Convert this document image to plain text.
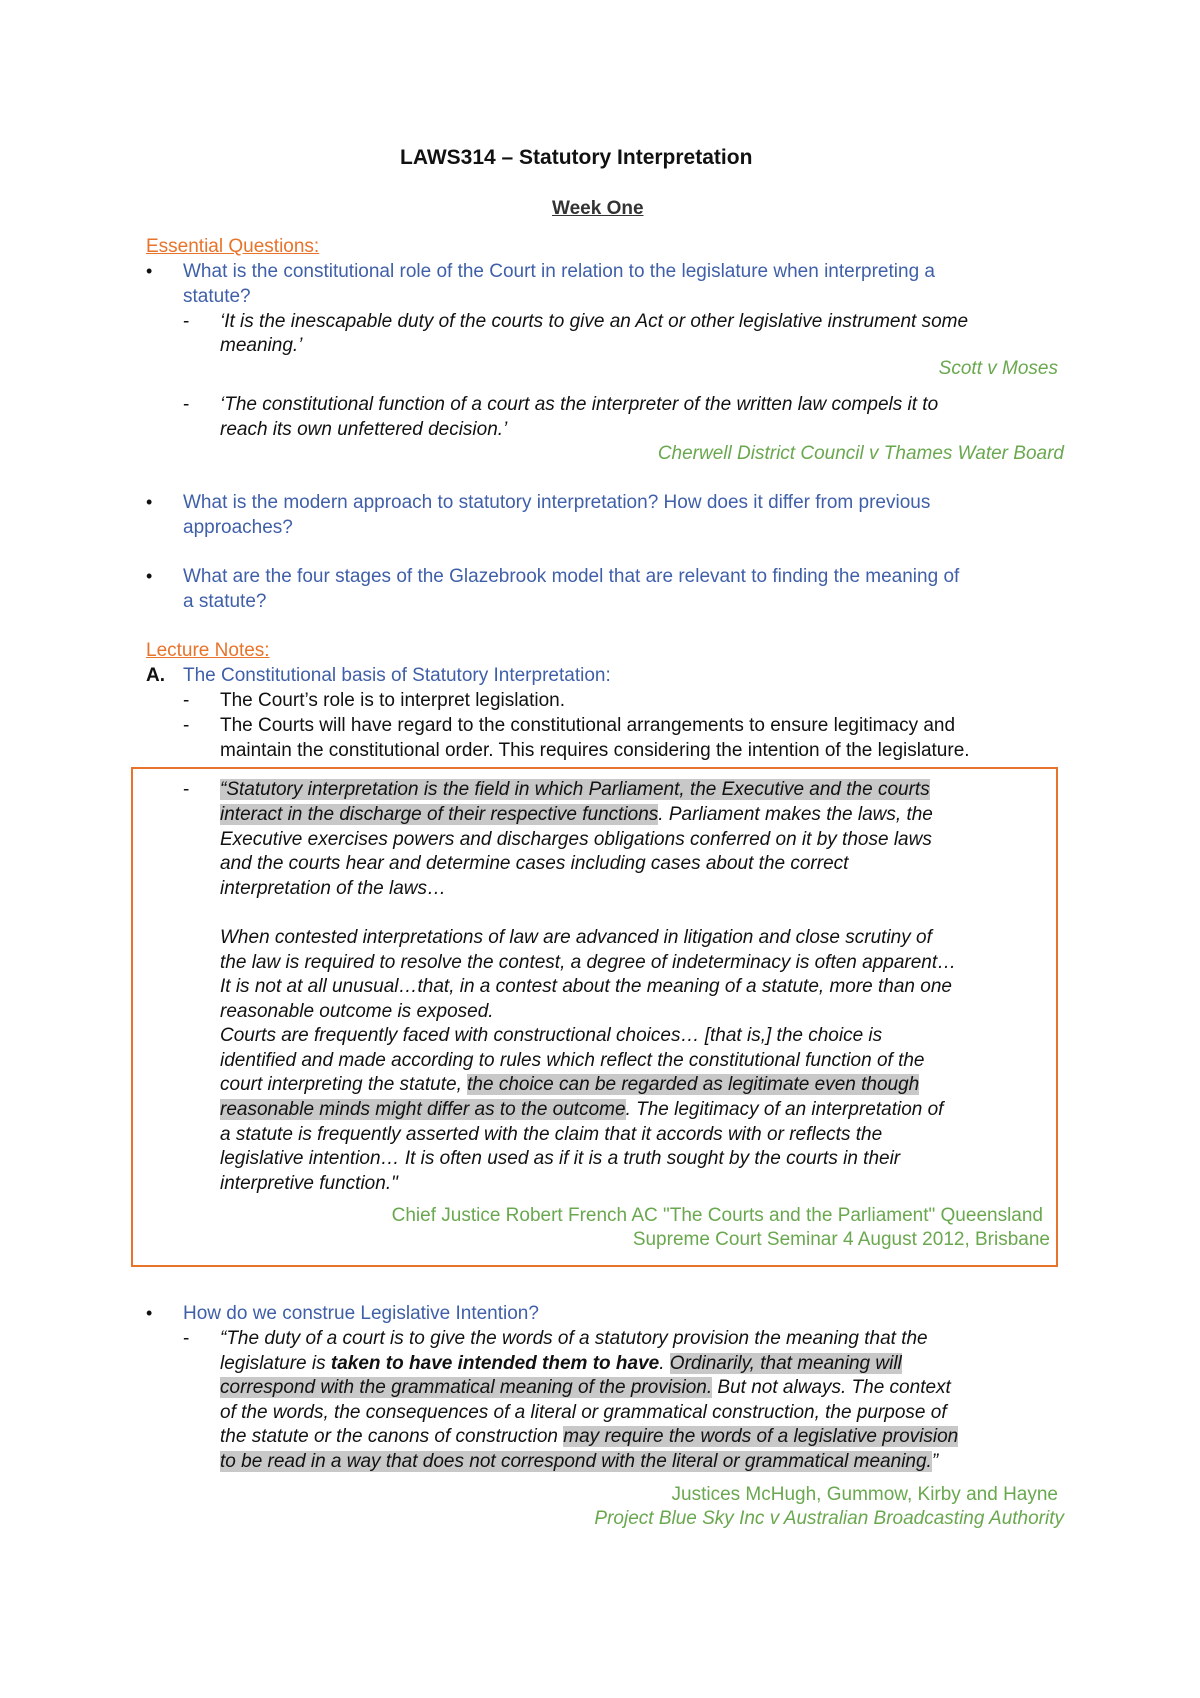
LAWS314 – Statutory Interpretation
Week One
Essential Questions:
• What is the constitutional role of the Court in relation to the legislature when interpreting a
statute?
- ‘It is the inescapable duty of the courts to give an Act or other legislative instrument some
meaning.’
Scott v Moses
- ‘The constitutional function of a court as the interpreter of the written law compels it to
reach its own unfettered decision.’
Cherwell District Council v Thames Water Board
• What is the modern approach to statutory interpretation? How does it differ from previous
approaches?
• What are the four stages of the Glazebrook model that are relevant to finding the meaning of
a statute?
Lecture Notes:
A. The Constitutional basis of Statutory Interpretation:
- The Court’s role is to interpret legislation.
- The Courts will have regard to the constitutional arrangements to ensure legitimacy and
maintain the constitutional order. This requires considering the intention of the legislature.
- “Statutory interpretation is the field in which Parliament, the Executive and the courts
interact in the discharge of their respective functions. Parliament makes the laws, the
Executive exercises powers and discharges obligations conferred on it by those laws
and the courts hear and determine cases including cases about the correct
interpretation of the laws…
When contested interpretations of law are advanced in litigation and close scrutiny of
the law is required to resolve the contest, a degree of indeterminacy is often apparent…
It is not at all unusual…that, in a contest about the meaning of a statute, more than one
reasonable outcome is exposed.
Courts are frequently faced with constructional choices… [that is,] the choice is
identified and made according to rules which reflect the constitutional function of the
court interpreting the statute, the choice can be regarded as legitimate even though
reasonable minds might differ as to the outcome. The legitimacy of an interpretation of
a statute is frequently asserted with the claim that it accords with or reflects the
legislative intention… It is often used as if it is a truth sought by the courts in their
interpretive function."
Chief Justice Robert French AC "The Courts and the Parliament" Queensland
Supreme Court Seminar 4 August 2012, Brisbane
• How do we construe Legislative Intention?
- “The duty of a court is to give the words of a statutory provision the meaning that the
legislature is taken to have intended them to have. Ordinarily, that meaning will
correspond with the grammatical meaning of the provision. But not always. The context
of the words, the consequences of a literal or grammatical construction, the purpose of
the statute or the canons of construction may require the words of a legislative provision
to be read in a way that does not correspond with the literal or grammatical meaning.”
Justices McHugh, Gummow, Kirby and Hayne
Project Blue Sky Inc v Australian Broadcasting Authority
